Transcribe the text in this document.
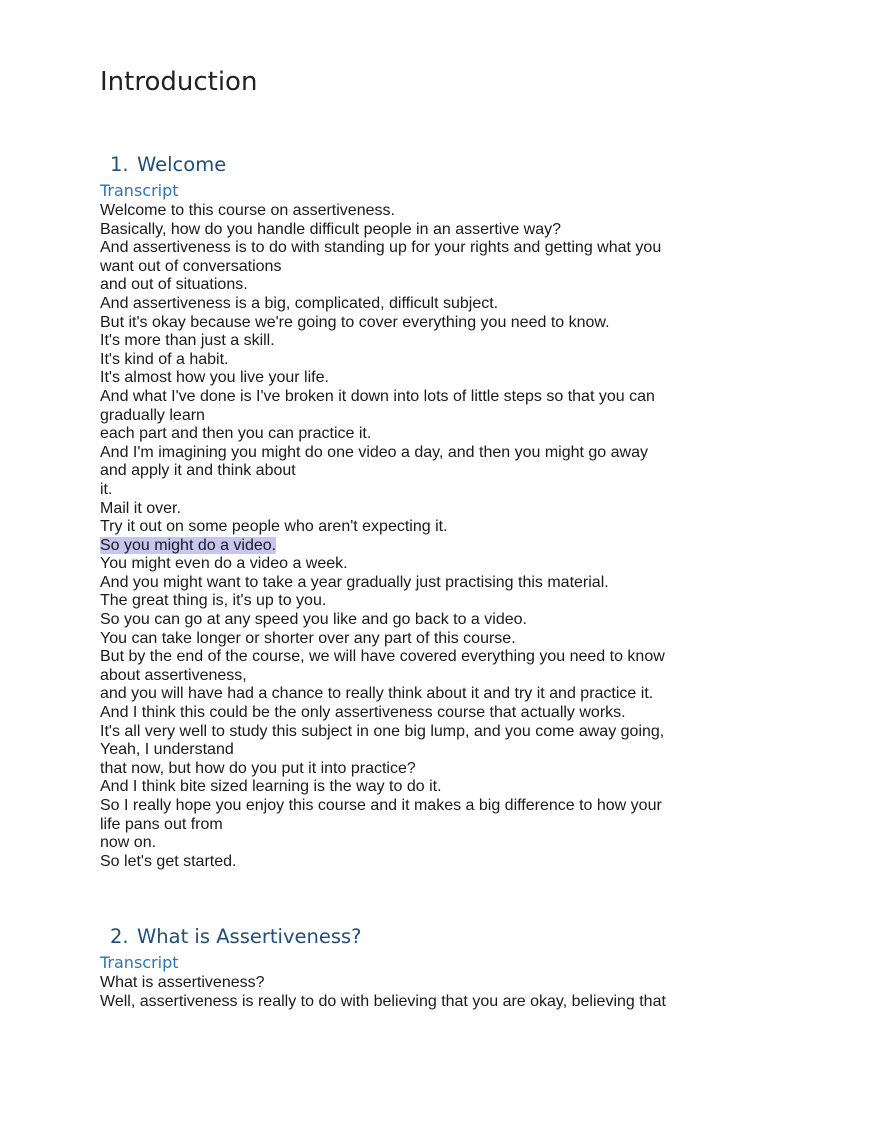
Introduction
1. Welcome

Transcript

Welcome to this course on assertiveness.
Basically, how do you handle difficult people in an assertive way?
And assertiveness is to do with standing up for your rights and getting what you
want out of conversations
and out of situations.
And assertiveness is a big, complicated, difficult subject.
But it's okay because we're going to cover everything you need to know.
It's more than just a skill.
It's kind of a habit.
It's almost how you live your life.
And what I've done is I've broken it down into lots of little steps so that you can
gradually learn
each part and then you can practice it.
And I'm imagining you might do one video a day, and then you might go away
and apply it and think about
it.
Mail it over.
Try it out on some people who aren't expecting it.
So you might do a video.
You might even do a video a week.
And you might want to take a year gradually just practising this material.
The great thing is, it's up to you.
So you can go at any speed you like and go back to a video.
You can take longer or shorter over any part of this course.
But by the end of the course, we will have covered everything you need to know
about assertiveness,
and you will have had a chance to really think about it and try it and practice it.
And I think this could be the only assertiveness course that actually works.
It's all very well to study this subject in one big lump, and you come away going,
Yeah, I understand
that now, but how do you put it into practice?
And I think bite sized learning is the way to do it.
So I really hope you enjoy this course and it makes a big difference to how your
life pans out from
now on.
So let's get started.
2. What is Assertiveness?

Transcript

What is assertiveness?
Well, assertiveness is really to do with believing that you are okay, believing that
